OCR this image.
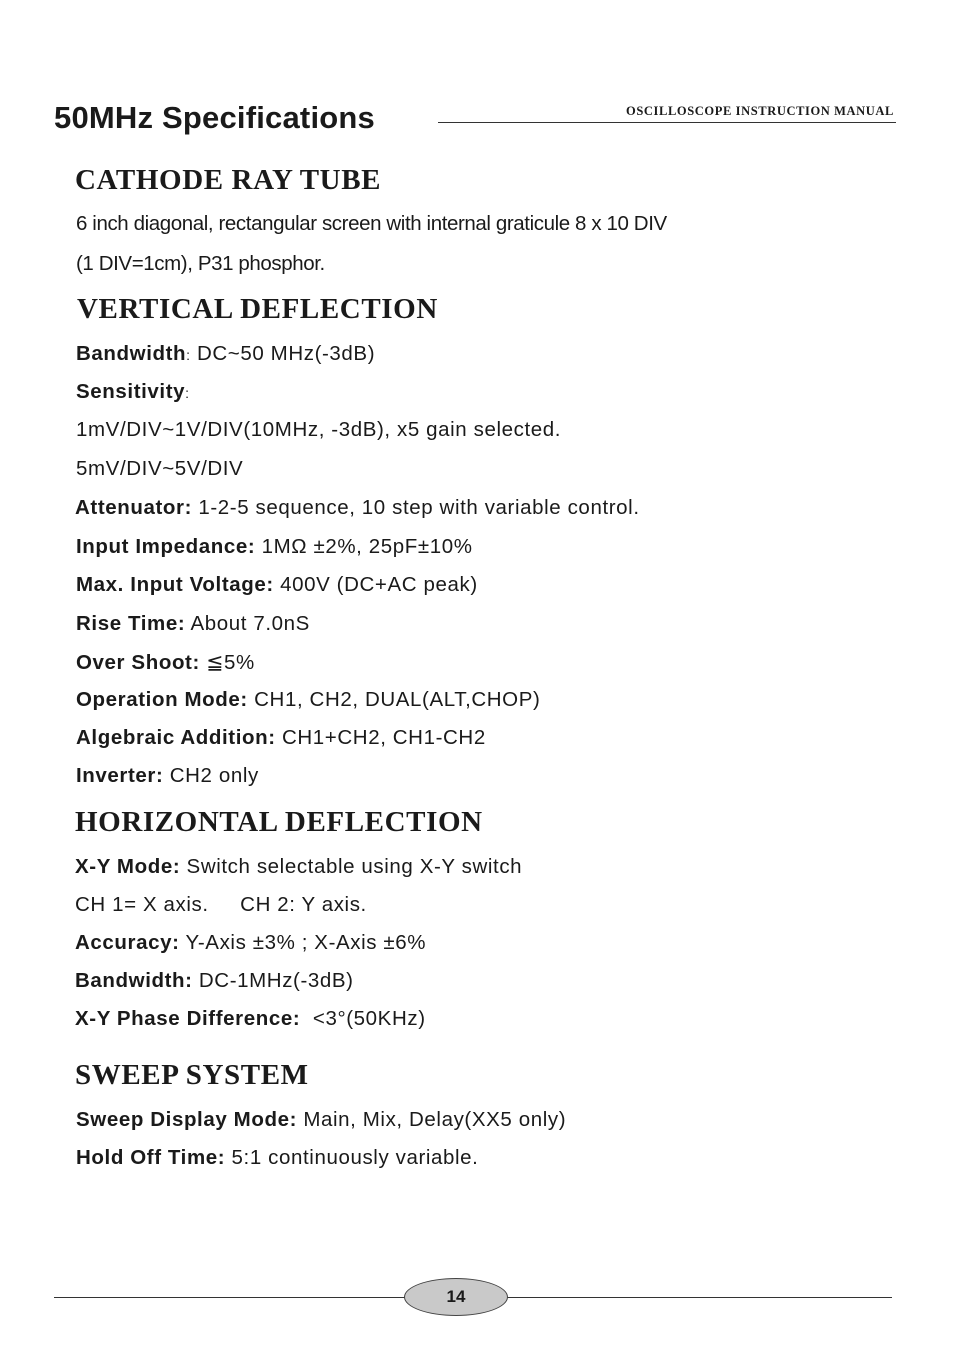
50MHz Specifications	OSCILLOSCOPE INSTRUCTION MANUAL
CATHODE RAY TUBE
6 inch diagonal, rectangular screen with internal graticule 8 x 10 DIV
(1 DIV=1cm), P31 phosphor.
VERTICAL DEFLECTION
Bandwidth: DC~50 MHz(-3dB)
Sensitivity:
1mV/DIV~1V/DIV(10MHz, -3dB), x5 gain selected.
5mV/DIV~5V/DIV
Attenuator: 1-2-5 sequence, 10 step with variable control.
Input Impedance: 1MΩ ±2%, 25pF±10%
Max. Input Voltage: 400V (DC+AC peak)
Rise Time: About 7.0nS
Over Shoot: ≦5%
Operation Mode: CH1, CH2, DUAL(ALT,CHOP)
Algebraic Addition: CH1+CH2, CH1-CH2
Inverter: CH2 only
HORIZONTAL DEFLECTION
X-Y Mode: Switch selectable using X-Y switch
CH 1= X axis.     CH 2: Y axis.
Accuracy: Y-Axis ±3% ; X-Axis ±6%
Bandwidth: DC-1MHz(-3dB)
X-Y Phase Difference: <3°(50KHz)
SWEEP SYSTEM
Sweep Display Mode: Main, Mix, Delay(XX5 only)
Hold Off Time: 5:1 continuously variable.
14
